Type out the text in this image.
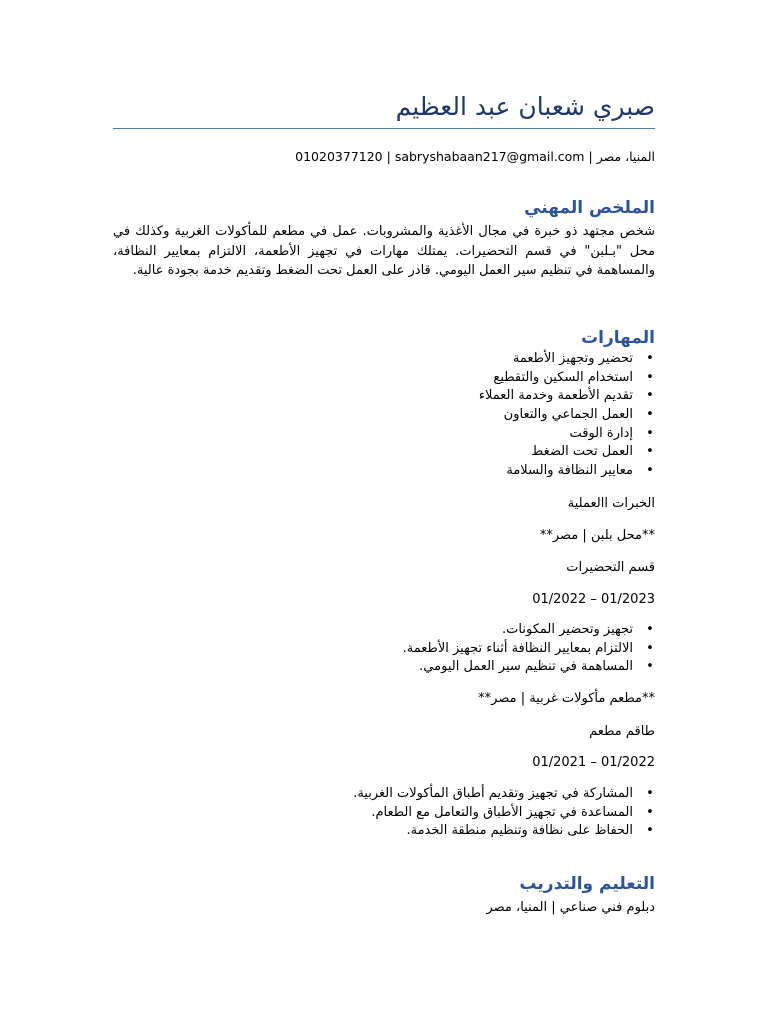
صبري شعبان عبد العظيم
المنيا، مصر | sabryshabaan217@gmail.com | 01020377120
الملخص المهني

شخص مجتهد ذو خبرة في مجال الأغذية والمشروبات. عمل في مطعم للمأكولات الغربية وكذلك في محل "بـلبن" في قسم التحضيرات. يمتلك مهارات في تجهيز الأطعمة، الالتزام بمعايير النظافة، والمساهمة في تنظيم سير العمل اليومي. قادر على العمل تحت الضغط وتقديم خدمة بجودة عالية.

المهارات
• تحضير وتجهيز الأطعمة
• استخدام السكين والتقطيع
• تقديم الأطعمة وخدمة العملاء
• العمل الجماعي والتعاون
• إدارة الوقت
• العمل تحت الضغط
• معايير النظافة والسلامة
الخبرات االعملية
**محل بلبن | مصر**
قسم التحضيرات
01/2022 – 01/2023
• تجهيز وتحضير المكونات.
• الالتزام بمعايير النظافة أثناء تجهيز الأطعمة.
• المساهمة في تنظيم سير العمل اليومي.
**مطعم مأكولات غربية | مصر**
طاقم مطعم
01/2021 – 01/2022
• المشاركة في تجهيز وتقديم أطباق المأكولات الغربية.
• المساعدة في تجهيز الأطباق والتعامل مع الطعام.
• الحفاظ على نظافة وتنظيم منطقة الخدمة.
التعليم والتدريب
دبلوم فني صناعي | المنيا، مصر
